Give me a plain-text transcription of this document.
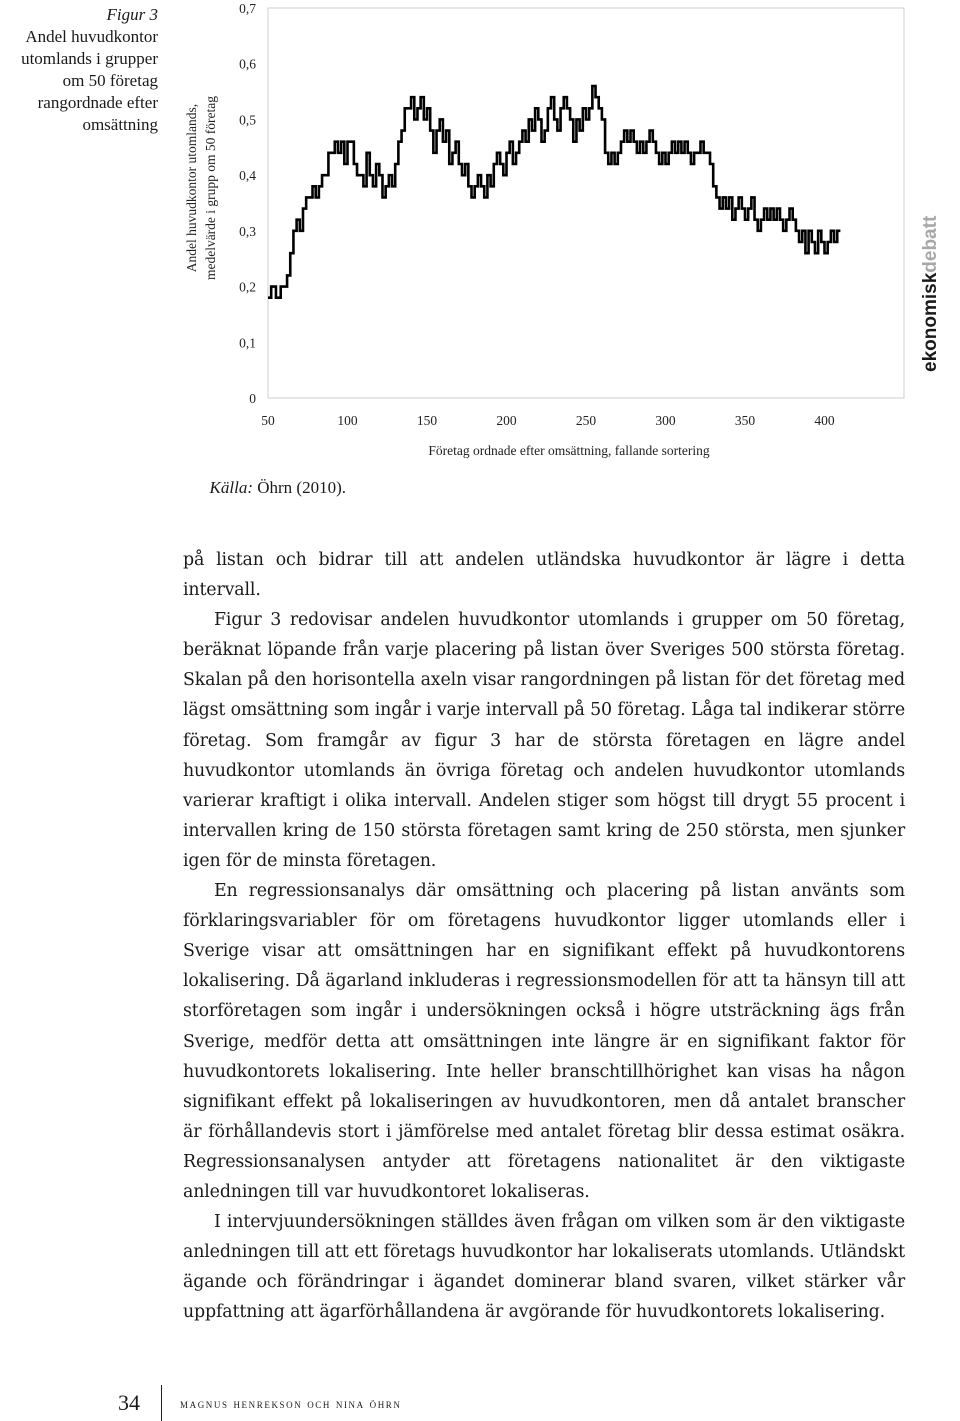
Figur 3
Andel huvudkontor utomlands i grupper om 50 företag rangordnade efter omsättning Andel huvudkontor utomlands, medelvärde i grupp om 50 företag
0
0,1
0,2
0,3
0,4
0,5
0,6
0,7
50	100	150	200	250	300	350	400
Företag ordnade efter omsättning, fallande sortering
ekonomiskdebatt
Källa: Öhrn (2010).

på listan och bidrar till att andelen utländska huvudkontor är lägre i detta intervall.

Figur 3 redovisar andelen huvudkontor utomlands i grupper om 50 företag, beräknat löpande från varje placering på listan över Sveriges 500 största företag. Skalan på den horisontella axeln visar rangordningen på listan för det företag med lägst omsättning som ingår i varje intervall på 50 företag. Låga tal indikerar större företag. Som framgår av figur 3 har de största företagen en lägre andel huvudkontor utomlands än övriga företag och andelen huvudkontor utomlands varierar kraftigt i olika intervall. Andelen stiger som högst till drygt 55 procent i intervallen kring de 150 största företagen samt kring de 250 största, men sjunker igen för de minsta företagen.

En regressionsanalys där omsättning och placering på listan använts som förklaringsvariabler för om företagens huvudkontor ligger utomlands eller i Sverige visar att omsättningen har en signifikant effekt på huvudkontorens lokalisering. Då ägarland inkluderas i regressionsmodellen för att ta hänsyn till att storföretagen som ingår i undersökningen också i högre utsträckning ägs från Sverige, medför detta att omsättningen inte längre är en signifikant faktor för huvudkontorets lokalisering. Inte heller branschtillhörighet kan visas ha någon signifikant effekt på lokaliseringen av huvudkontoren, men då antalet branscher är förhållandevis stort i jämförelse med antalet företag blir dessa estimat osäkra. Regressionsanalysen antyder att företagens nationalitet är den viktigaste anledningen till var huvudkontoret lokaliseras.

I intervjuundersökningen ställdes även frågan om vilken som är den viktigaste anledningen till att ett företags huvudkontor har lokaliserats utomlands. Utländskt ägande och förändringar i ägandet dominerar bland svaren, vilket stärker vår uppfattning att ägarförhållandena är avgörande för huvudkontorets lokalisering.

34	magnus henrekson och nina öhrn
